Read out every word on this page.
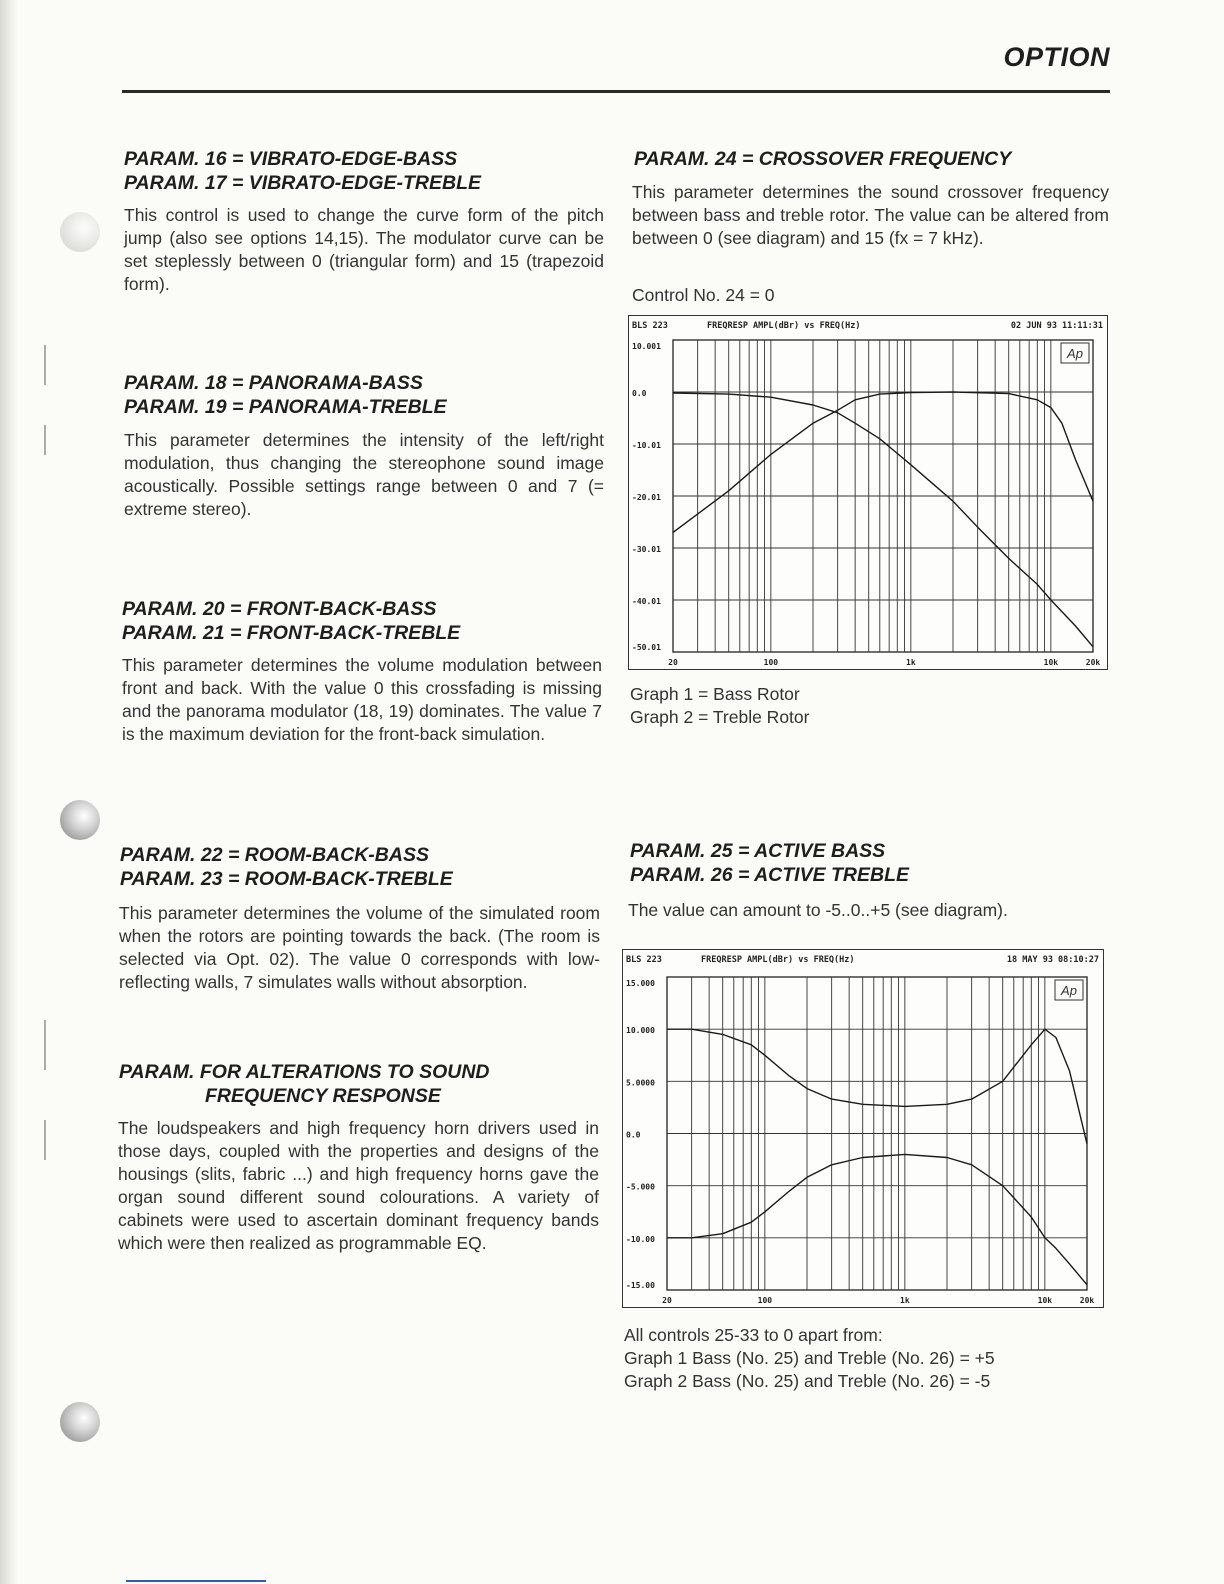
OPTION
PARAM. 16 = VIBRATO-EDGE-BASS
PARAM. 17 = VIBRATO-EDGE-TREBLE
This control is used to change the curve form of the pitch jump (also see options 14,15). The modulator curve can be set steplessly between 0 (triangular form) and 15 (trapezoid form).
PARAM. 18 = PANORAMA-BASS
PARAM. 19 = PANORAMA-TREBLE
This parameter determines the intensity of the left/right modulation, thus changing the stereophone sound image acoustically. Possible settings range between 0 and 7 (= extreme stereo).
PARAM. 20 = FRONT-BACK-BASS
PARAM. 21 = FRONT-BACK-TREBLE
This parameter determines the volume modulation between front and back. With the value 0 this crossfading is missing and the panorama modulator (18, 19) dominates. The value 7 is the maximum deviation for the front-back simulation.
PARAM. 22 = ROOM-BACK-BASS
PARAM. 23 = ROOM-BACK-TREBLE
This parameter determines the volume of the simulated room when the rotors are pointing towards the back. (The room is selected via Opt. 02). The value 0 corresponds with low-reflecting walls, 7 simulates walls without absorption.
PARAM. FOR ALTERATIONS TO SOUND
FREQUENCY RESPONSE
The loudspeakers and high frequency horn drivers used in those days, coupled with the properties and designs of the housings (slits, fabric ...) and high frequency horns gave the organ sound different sound colourations. A variety of cabinets were used to ascertain dominant frequency bands which were then realized as programmable EQ.
PARAM. 24 = CROSSOVER FREQUENCY
This parameter determines the sound crossover frequency between bass and treble rotor. The value can be altered from between 0 (see diagram) and 15 (fx = 7 kHz).
Control No. 24 = 0
BLS 223	FREQRESP AMPL(dBr) vs FREQ(Hz)	02 JUN 93 11:11:31
10.001
0.0
-10.01
-20.01
-30.01
-40.01
-50.01
20	100	1k	10k	20k
Ap
Graph 1 = Bass Rotor
Graph 2 = Treble Rotor
PARAM. 25 = ACTIVE BASS
PARAM. 26 = ACTIVE TREBLE
The value can amount to -5..0..+5 (see diagram).
BLS 223	FREQRESP AMPL(dBr) vs FREQ(Hz)	18 MAY 93 08:10:27
15.000
10.000
5.0000
0.0
-5.000
-10.00
-15.00
20	100	1k	10k	20k
Ap
All controls 25-33 to 0 apart from:
Graph 1 Bass (No. 25) and Treble (No. 26) = +5
Graph 2 Bass (No. 25) and Treble (No. 26) = -5
